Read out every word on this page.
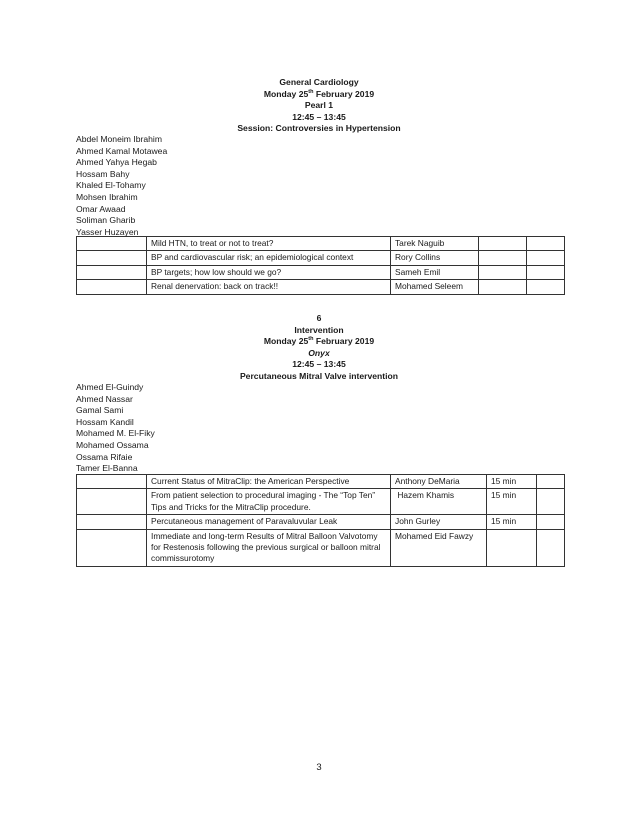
General Cardiology
Monday 25th February 2019
Pearl 1
12:45 – 13:45
Session: Controversies in Hypertension
Abdel Moneim Ibrahim
Ahmed Kamal Motawea
Ahmed Yahya Hegab
Hossam Bahy
Khaled El-Tohamy
Mohsen Ibrahim
Omar Awaad
Soliman Gharib
Yasser Huzayen
	Mild HTN, to treat or not to treat?	Tarek Naguib		
	BP and cardiovascular risk; an epidemiological context	Rory Collins		
	BP targets; how low should we go?	Sameh Emil		
	Renal denervation: back on track!!	Mohamed Seleem		
6
Intervention
Monday 25th February 2019
Onyx
12:45 – 13:45
Percutaneous Mitral Valve intervention
Ahmed El-Guindy
Ahmed Nassar
Gamal Sami
Hossam Kandil
Mohamed M. El-Fiky
Mohamed Ossama
Ossama Rifaie
Tamer El-Banna
	Current Status of MitraClip: the American Perspective	Anthony DeMaria	15 min	
	From patient selection to procedural imaging - The “Top Ten” Tips and Tricks for the MitraClip procedure.	Hazem Khamis	15 min	
	Percutaneous management of Paravaluvular Leak	John Gurley	15 min	
	Immediate and long-term Results of Mitral Balloon Valvotomy for Restenosis following the previous surgical or balloon mitral commissurotomy	Mohamed Eid Fawzy		
3
